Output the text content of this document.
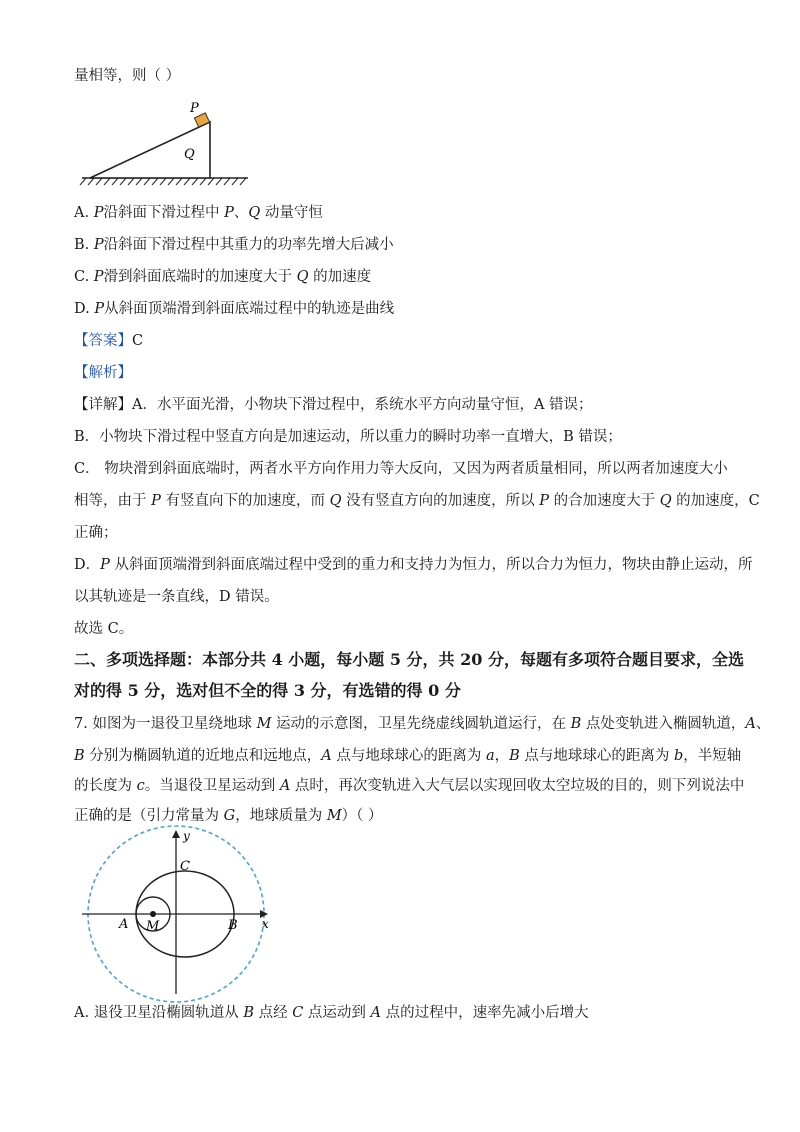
量相等，则（ ）
P
Q
A. P沿斜面下滑过程中 P、Q 动量守恒
B. P沿斜面下滑过程中其重力的功率先增大后减小
C. P滑到斜面底端时的加速度大于 Q 的加速度
D. P从斜面顶端滑到斜面底端过程中的轨迹是曲线
【答案】C
【解析】
【详解】A．水平面光滑，小物块下滑过程中，系统水平方向动量守恒，A 错误；
B．小物块下滑过程中竖直方向是加速运动，所以重力的瞬时功率一直增大，B 错误；
C． 物块滑到斜面底端时，两者水平方向作用力等大反向，又因为两者质量相同，所以两者加速度大小
相等，由于 P 有竖直向下的加速度，而 Q 没有竖直方向的加速度，所以 P 的合加速度大于 Q 的加速度，C
正确；
D．P 从斜面顶端滑到斜面底端过程中受到的重力和支持力为恒力，所以合力为恒力，物块由静止运动，所
以其轨迹是一条直线，D 错误。
故选 C。
二、多项选择题：本部分共 4 小题，每小题 5 分，共 20 分，每题有多项符合题目要求，全选
对的得 5 分，选对但不全的得 3 分，有选错的得 0 分
7. 如图为一退役卫星绕地球 M 运动的示意图，卫星先绕虚线圆轨道运行，在 B 点处变轨进入椭圆轨道，A、
B 分别为椭圆轨道的近地点和远地点，A 点与地球球心的距离为 a，B 点与地球球心的距离为 b，半短轴
的长度为 c。当退役卫星运动到 A 点时，再次变轨进入大气层以实现回收太空垃圾的目的，则下列说法中
正确的是（引力常量为 G，地球质量为 M）（ ）
y
x
C
A M	B
A. 退役卫星沿椭圆轨道从 B 点经 C 点运动到 A 点的过程中，速率先减小后增大
